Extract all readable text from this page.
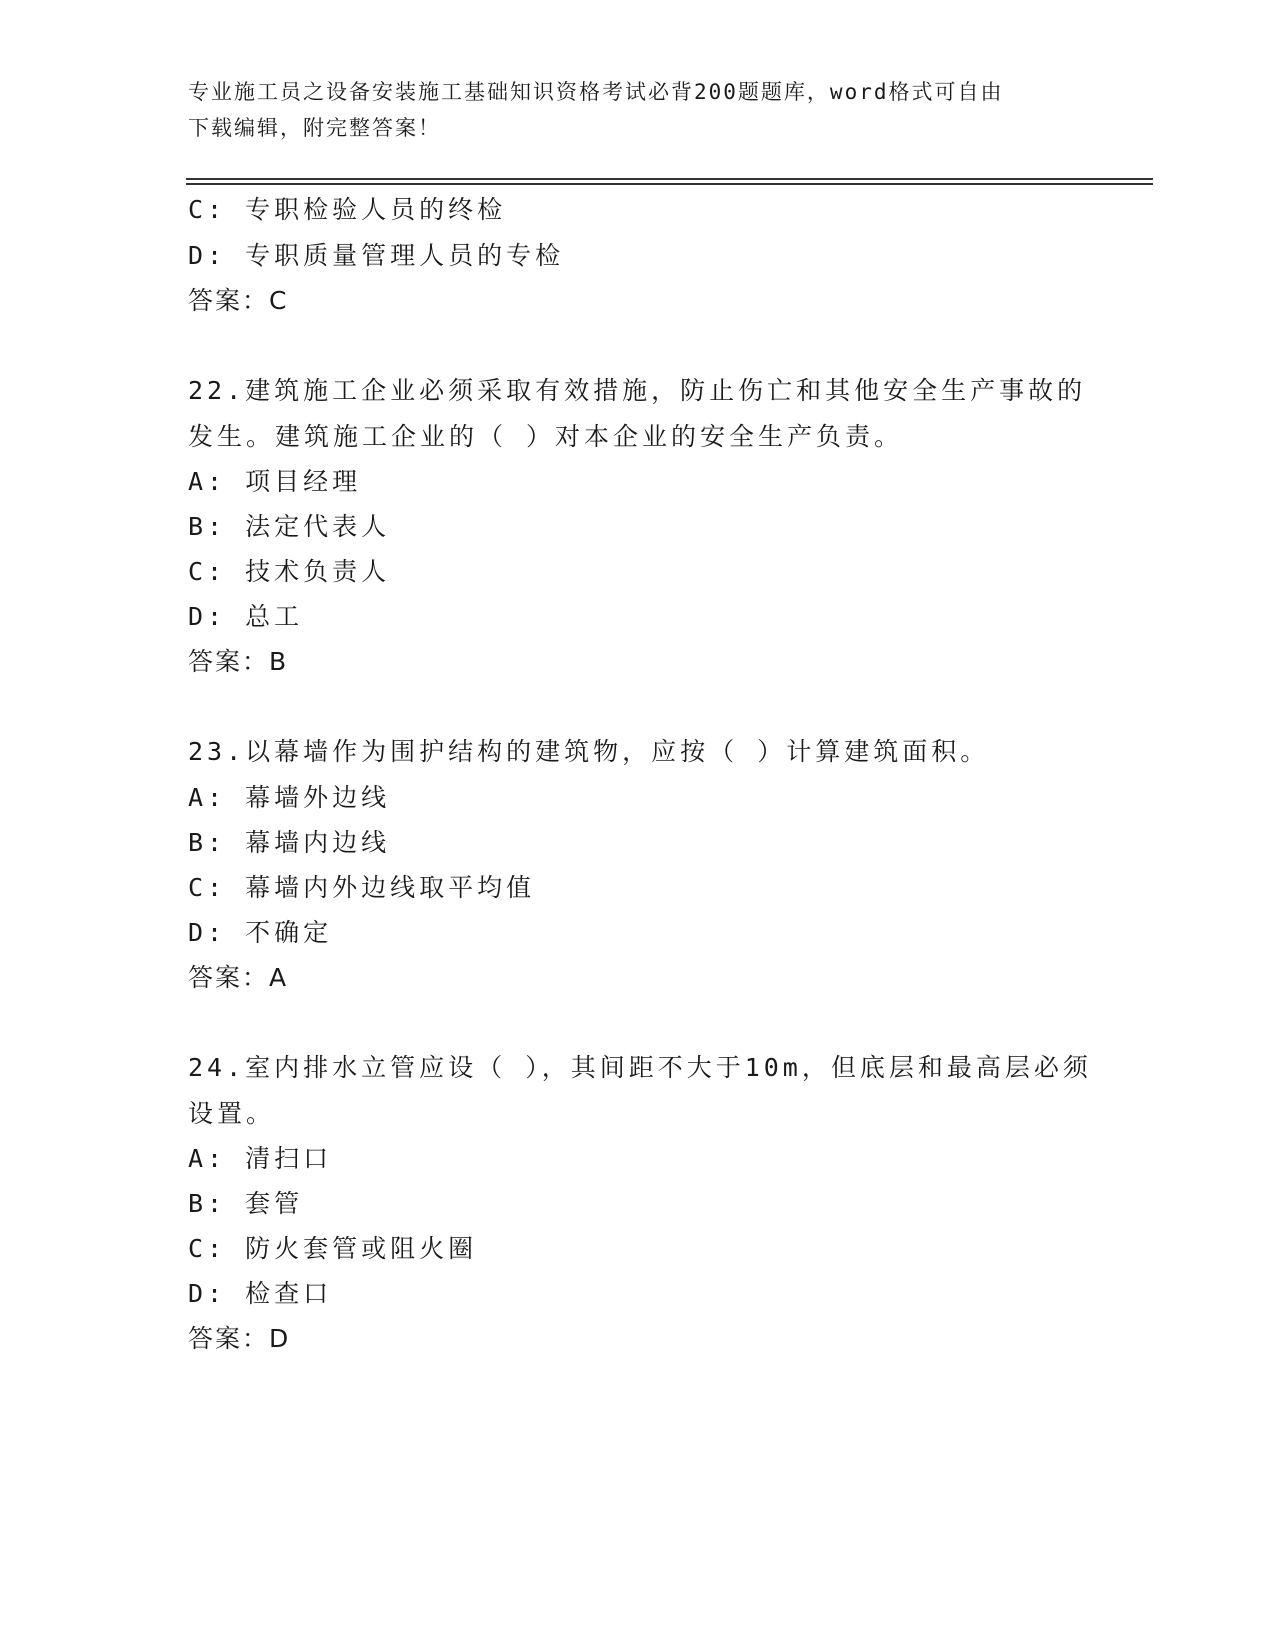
专业施工员之设备安装施工基础知识资格考试必背200题题库，word格式可自由
下载编辑，附完整答案！
C: 专职检验人员的终检
D: 专职质量管理人员的专检
答案：C
22.建筑施工企业必须采取有效措施，防止伤亡和其他安全生产事故的
发生。建筑施工企业的（ ）对本企业的安全生产负责。
A: 项目经理
B: 法定代表人
C: 技术负责人
D: 总工
答案：B
23.以幕墙作为围护结构的建筑物，应按（ ）计算建筑面积。
A: 幕墙外边线
B: 幕墙内边线
C: 幕墙内外边线取平均值
D: 不确定
答案：A
24.室内排水立管应设（ ），其间距不大于10m，但底层和最高层必须
设置。
A: 清扫口
B: 套管
C: 防火套管或阻火圈
D: 检查口
答案：D
